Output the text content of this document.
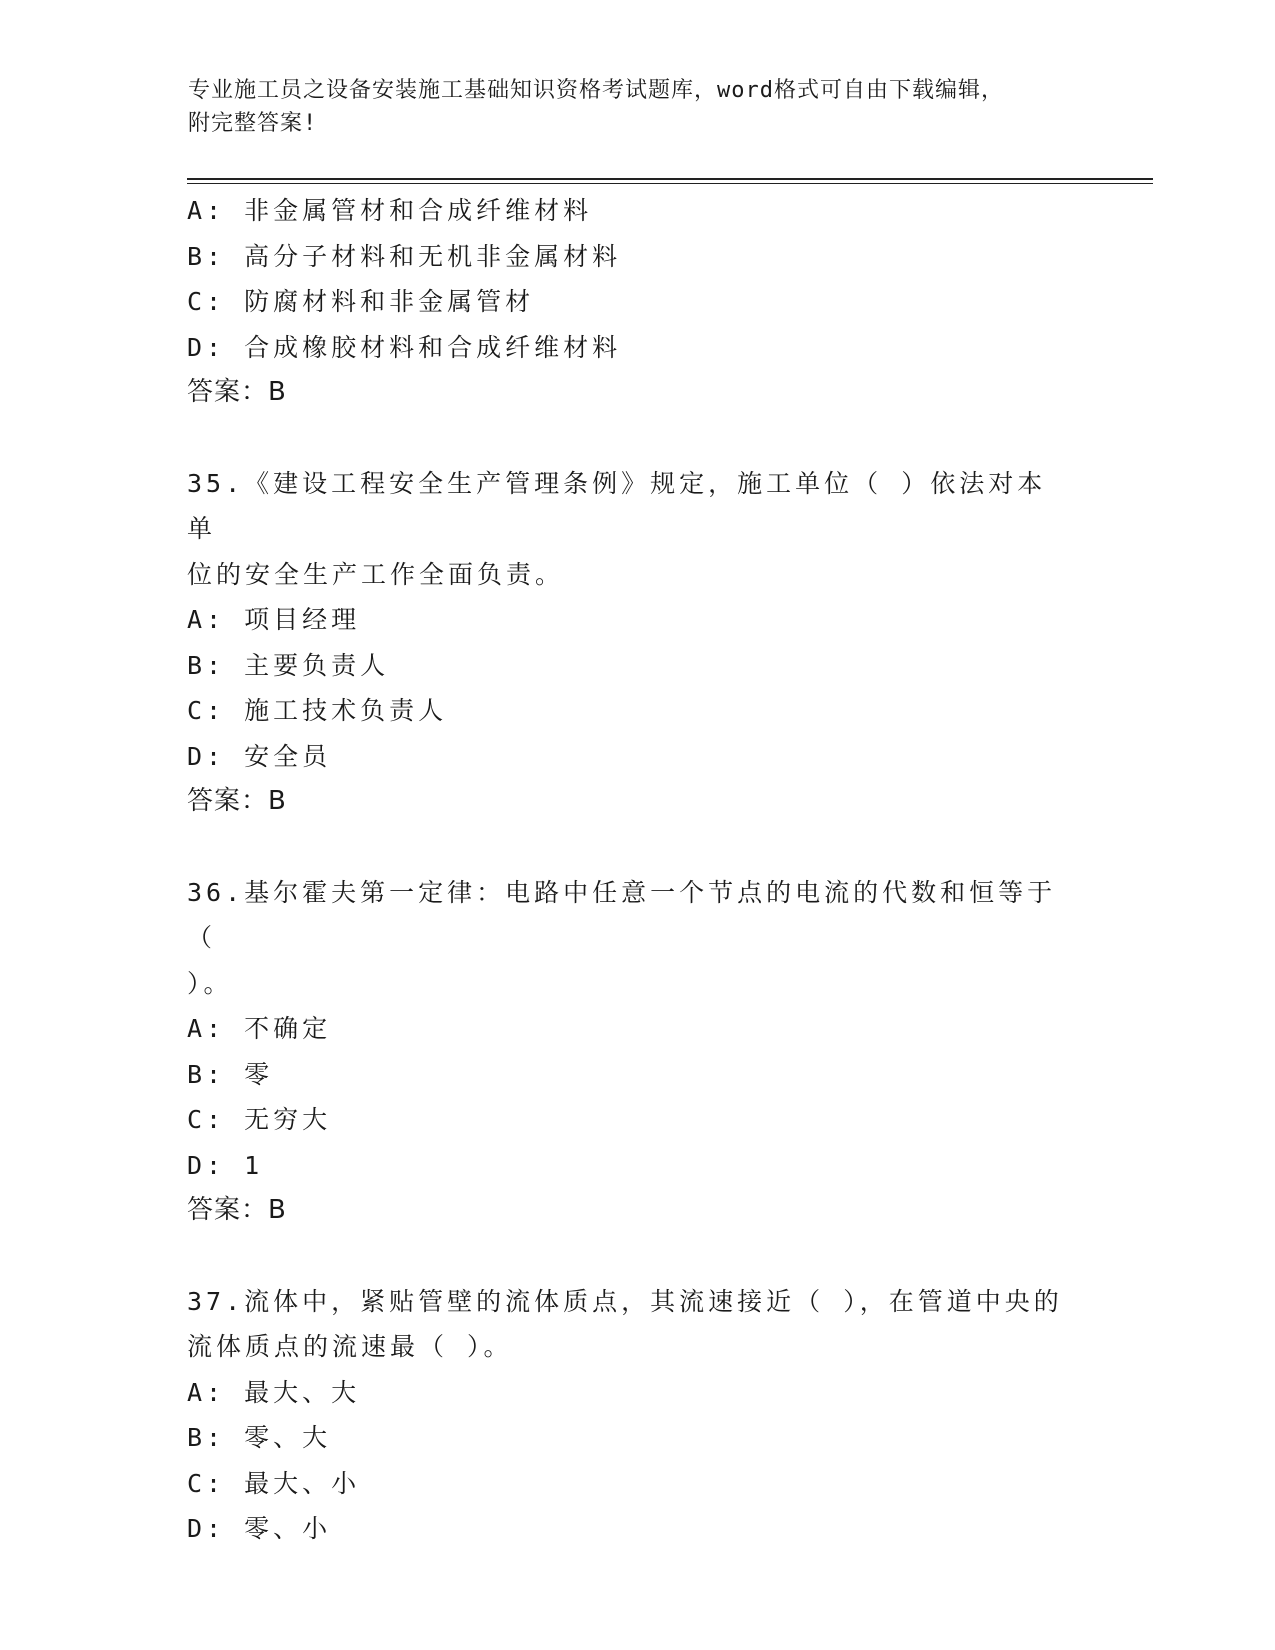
专业施工员之设备安装施工基础知识资格考试题库，word格式可自由下载编辑，
附完整答案!
A: 非金属管材和合成纤维材料
B: 高分子材料和无机非金属材料
C: 防腐材料和非金属管材
D: 合成橡胶材料和合成纤维材料
答案：B
35.《建设工程安全生产管理条例》规定，施工单位（ ）依法对本单
位的安全生产工作全面负责。
A: 项目经理
B: 主要负责人
C: 施工技术负责人
D: 安全员
答案：B
36.基尔霍夫第一定律：电路中任意一个节点的电流的代数和恒等于（
）。
A: 不确定
B: 零
C: 无穷大
D: 1
答案：B
37.流体中，紧贴管壁的流体质点，其流速接近（ ），在管道中央的
流体质点的流速最（ ）。
A: 最大、大
B: 零、大
C: 最大、小
D: 零、小
